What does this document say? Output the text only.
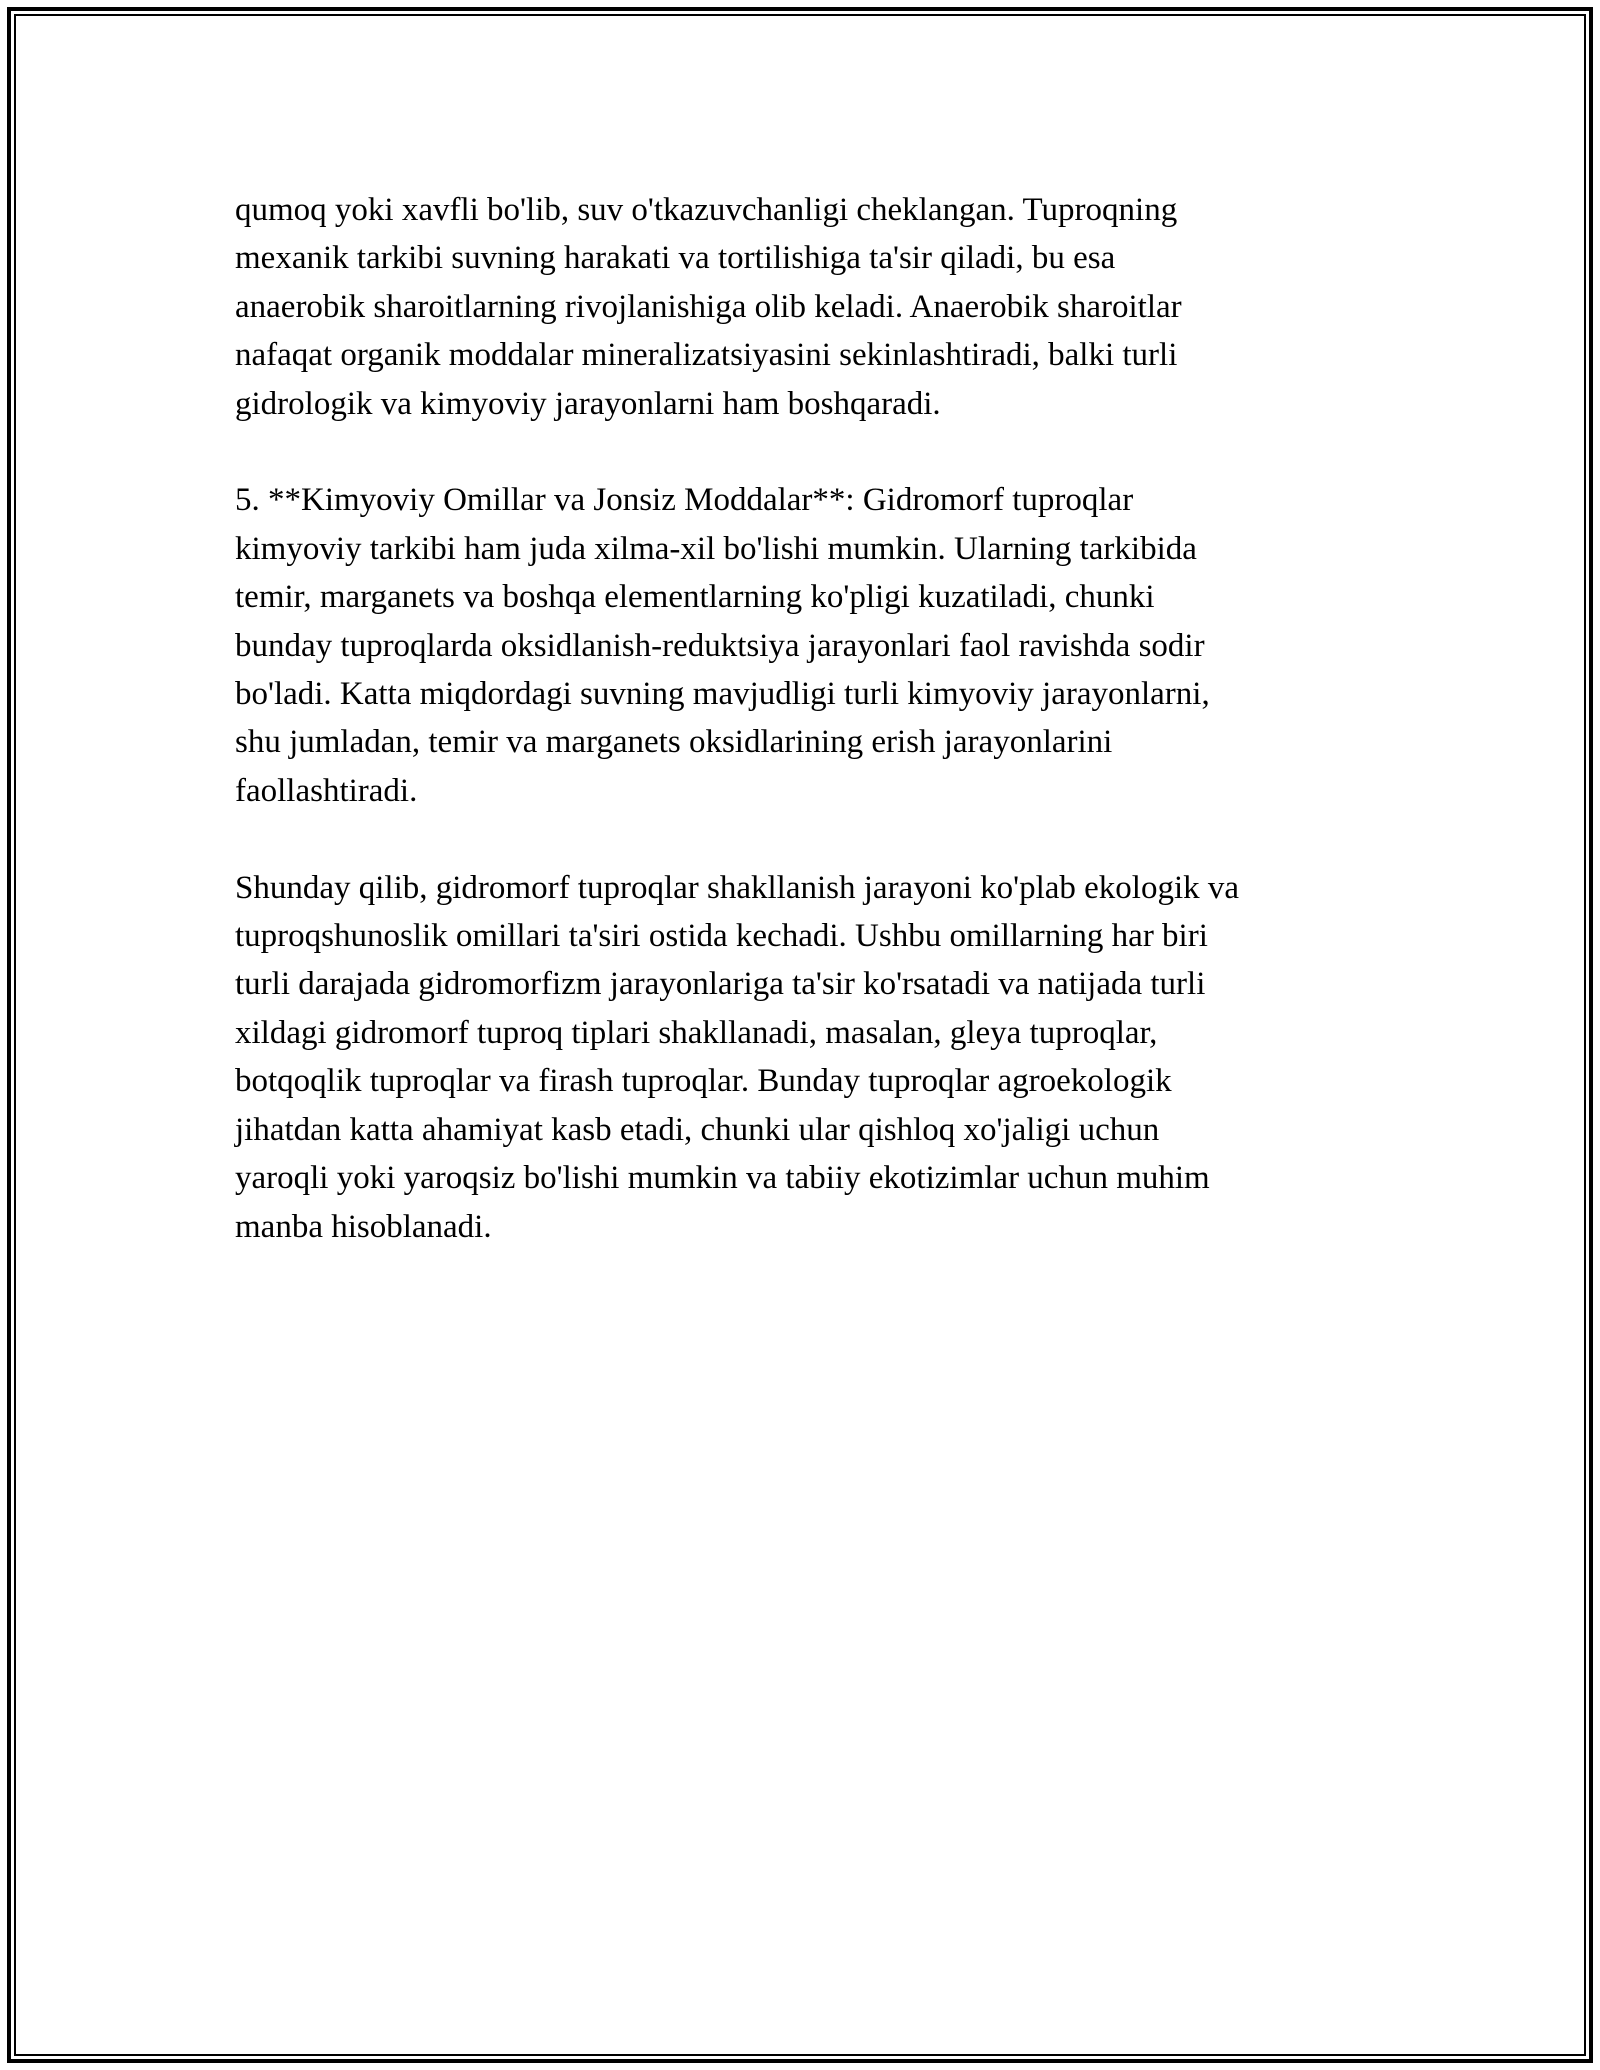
qumoq yoki xavfli bo'lib, suv o'tkazuvchanligi cheklangan. Tuproqning
mexanik tarkibi suvning harakati va tortilishiga ta'sir qiladi, bu esa
anaerobik sharoitlarning rivojlanishiga olib keladi. Anaerobik sharoitlar
nafaqat organik moddalar mineralizatsiyasini sekinlashtiradi, balki turli
gidrologik va kimyoviy jarayonlarni ham boshqaradi.

5. **Kimyoviy Omillar va Jonsiz Moddalar**: Gidromorf tuproqlar
kimyoviy tarkibi ham juda xilma-xil bo'lishi mumkin. Ularning tarkibida
temir, marganets va boshqa elementlarning ko'pligi kuzatiladi, chunki
bunday tuproqlarda oksidlanish-reduktsiya jarayonlari faol ravishda sodir
bo'ladi. Katta miqdordagi suvning mavjudligi turli kimyoviy jarayonlarni,
shu jumladan, temir va marganets oksidlarining erish jarayonlarini
faollashtiradi.

Shunday qilib, gidromorf tuproqlar shakllanish jarayoni ko'plab ekologik va
tuproqshunoslik omillari ta'siri ostida kechadi. Ushbu omillarning har biri
turli darajada gidromorfizm jarayonlariga ta'sir ko'rsatadi va natijada turli
xildagi gidromorf tuproq tiplari shakllanadi, masalan, gleya tuproqlar,
botqoqlik tuproqlar va firash tuproqlar. Bunday tuproqlar agroekologik
jihatdan katta ahamiyat kasb etadi, chunki ular qishloq xo'jaligi uchun
yaroqli yoki yaroqsiz bo'lishi mumkin va tabiiy ekotizimlar uchun muhim
manba hisoblanadi.
